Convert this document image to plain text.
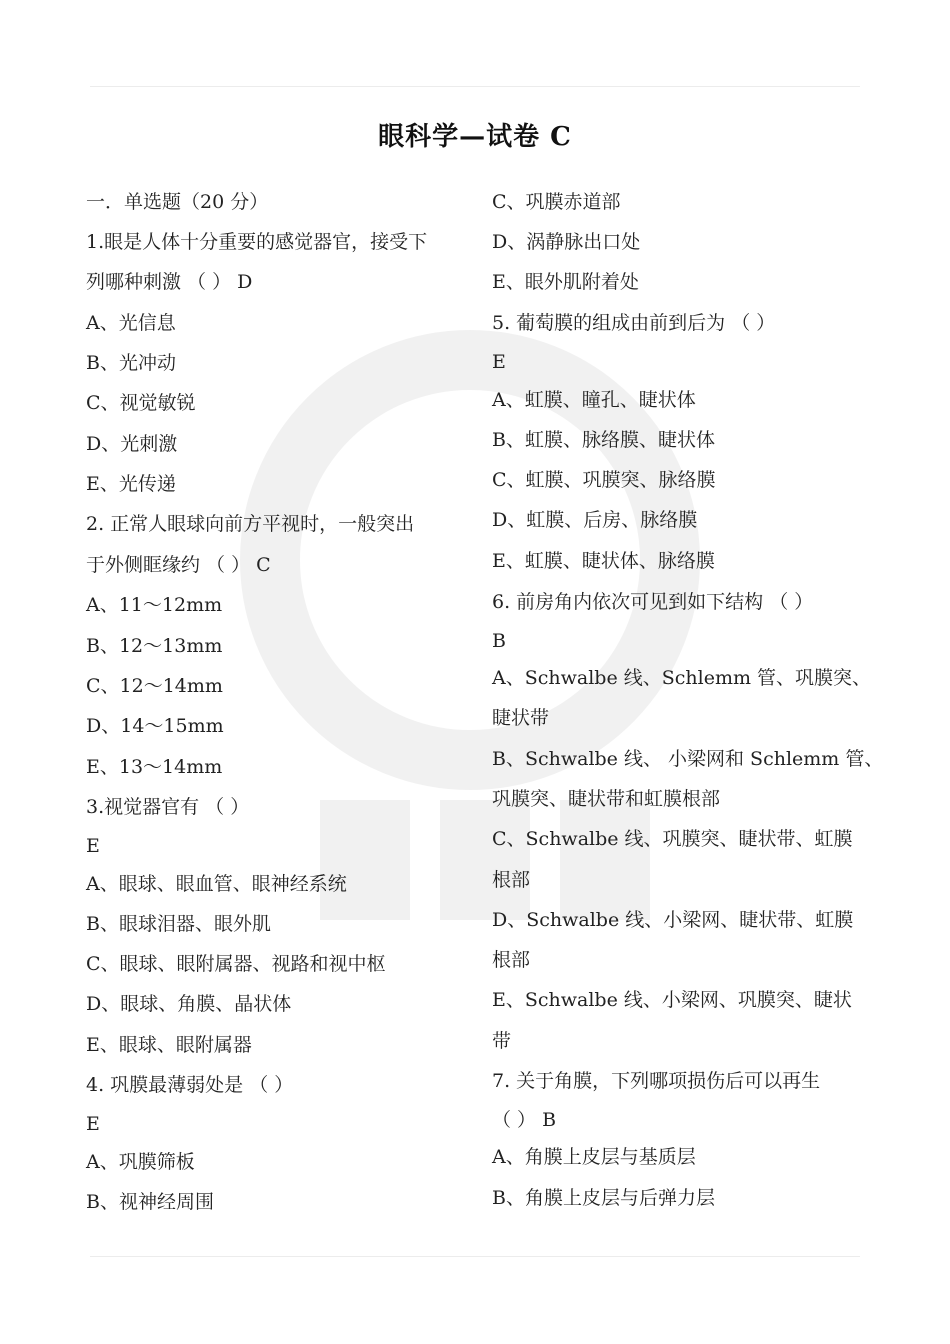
眼科学—试卷 C
一．单选题（20 分）
1.眼是人体十分重要的感觉器官，接受下
列哪种刺激 （ ） D
A、光信息
B、光冲动
C、视觉敏锐
D、光刺激
E、光传递
2. 正常人眼球向前方平视时，一般突出
于外侧眶缘约 （ ） C
A、11～12mm
B、12～13mm
C、12～14mm
D、14～15mm
E、13～14mm
3.视觉器官有 （ ）
E
A、眼球、眼血管、眼神经系统
B、眼球泪器、眼外肌
C、眼球、眼附属器、视路和视中枢
D、眼球、角膜、晶状体
E、眼球、眼附属器
4. 巩膜最薄弱处是 （ ）
E
A、巩膜筛板
B、视神经周围
C、巩膜赤道部
D、涡静脉出口处
E、眼外肌附着处
5. 葡萄膜的组成由前到后为 （ ）
E
A、虹膜、瞳孔、睫状体
B、虹膜、脉络膜、睫状体
C、虹膜、巩膜突、脉络膜
D、虹膜、后房、脉络膜
E、虹膜、睫状体、脉络膜
6. 前房角内依次可见到如下结构 （ ）
B
A、Schwalbe 线、Schlemm 管、巩膜突、
睫状带
B、Schwalbe 线、 小梁网和 Schlemm 管、
巩膜突、睫状带和虹膜根部
C、Schwalbe 线、巩膜突、睫状带、虹膜
根部
D、Schwalbe 线、小梁网、睫状带、虹膜
根部
E、Schwalbe 线、小梁网、巩膜突、睫状
带
7. 关于角膜，下列哪项损伤后可以再生
（ ） B
A、角膜上皮层与基质层
B、角膜上皮层与后弹力层
